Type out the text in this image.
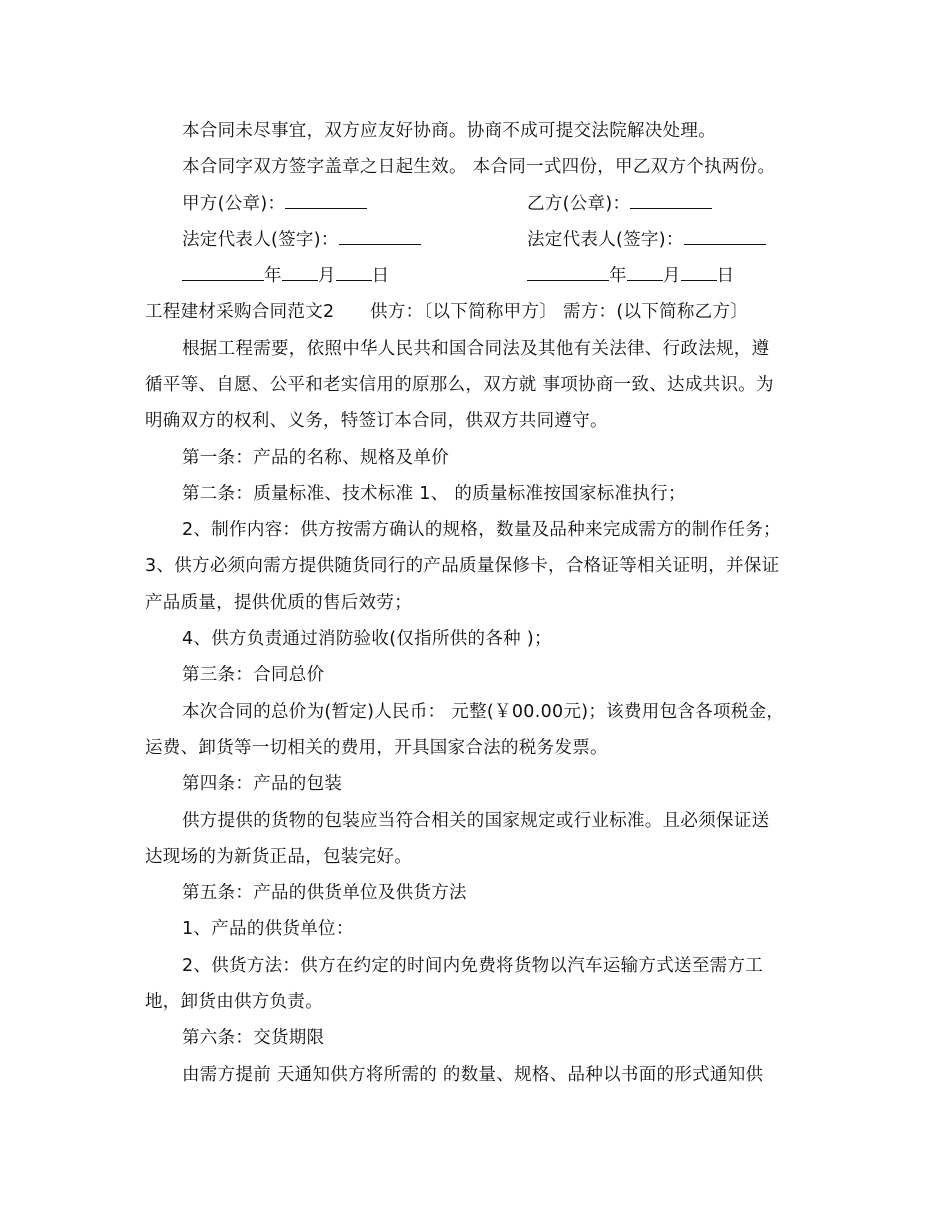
本合同未尽事宜，双方应友好协商。协商不成可提交法院解决处理。
本合同字双方签字盖章之日起生效。 本合同一式四份，甲乙双方个执两份。
甲方(公章)：	乙方(公章)：
法定代表人(签字)：	法定代表人(签字)：
年 月 日	年 月 日
工程建材采购合同范文2　　供方：〔以下简称甲方〕 需方：(以下简称乙方〕
根据工程需要，依照中华人民共和国合同法及其他有关法律、行政法规，遵
循平等、自愿、公平和老实信用的原那么，双方就 事项协商一致、达成共识。为
明确双方的权利、义务，特签订本合同，供双方共同遵守。
第一条：产品的名称、规格及单价
第二条：质量标准、技术标准 1、 的质量标准按国家标准执行；
2、制作内容：供方按需方确认的规格，数量及品种来完成需方的制作任务；
3、供方必须向需方提供随货同行的产品质量保修卡，合格证等相关证明，并保证
产品质量，提供优质的售后效劳；
4、供方负责通过消防验收(仅指所供的各种 )；
第三条：合同总价
本次合同的总价为(暂定)人民币： 元整(￥00.00元)；该费用包含各项税金，
运费、卸货等一切相关的费用，开具国家合法的税务发票。
第四条：产品的包装
供方提供的货物的包装应当符合相关的国家规定或行业标准。且必须保证送
达现场的为新货正品，包装完好。
第五条：产品的供货单位及供货方法
1、产品的供货单位：
2、供货方法：供方在约定的时间内免费将货物以汽车运输方式送至需方工
地，卸货由供方负责。
第六条：交货期限
由需方提前 天通知供方将所需的 的数量、规格、品种以书面的形式通知供
